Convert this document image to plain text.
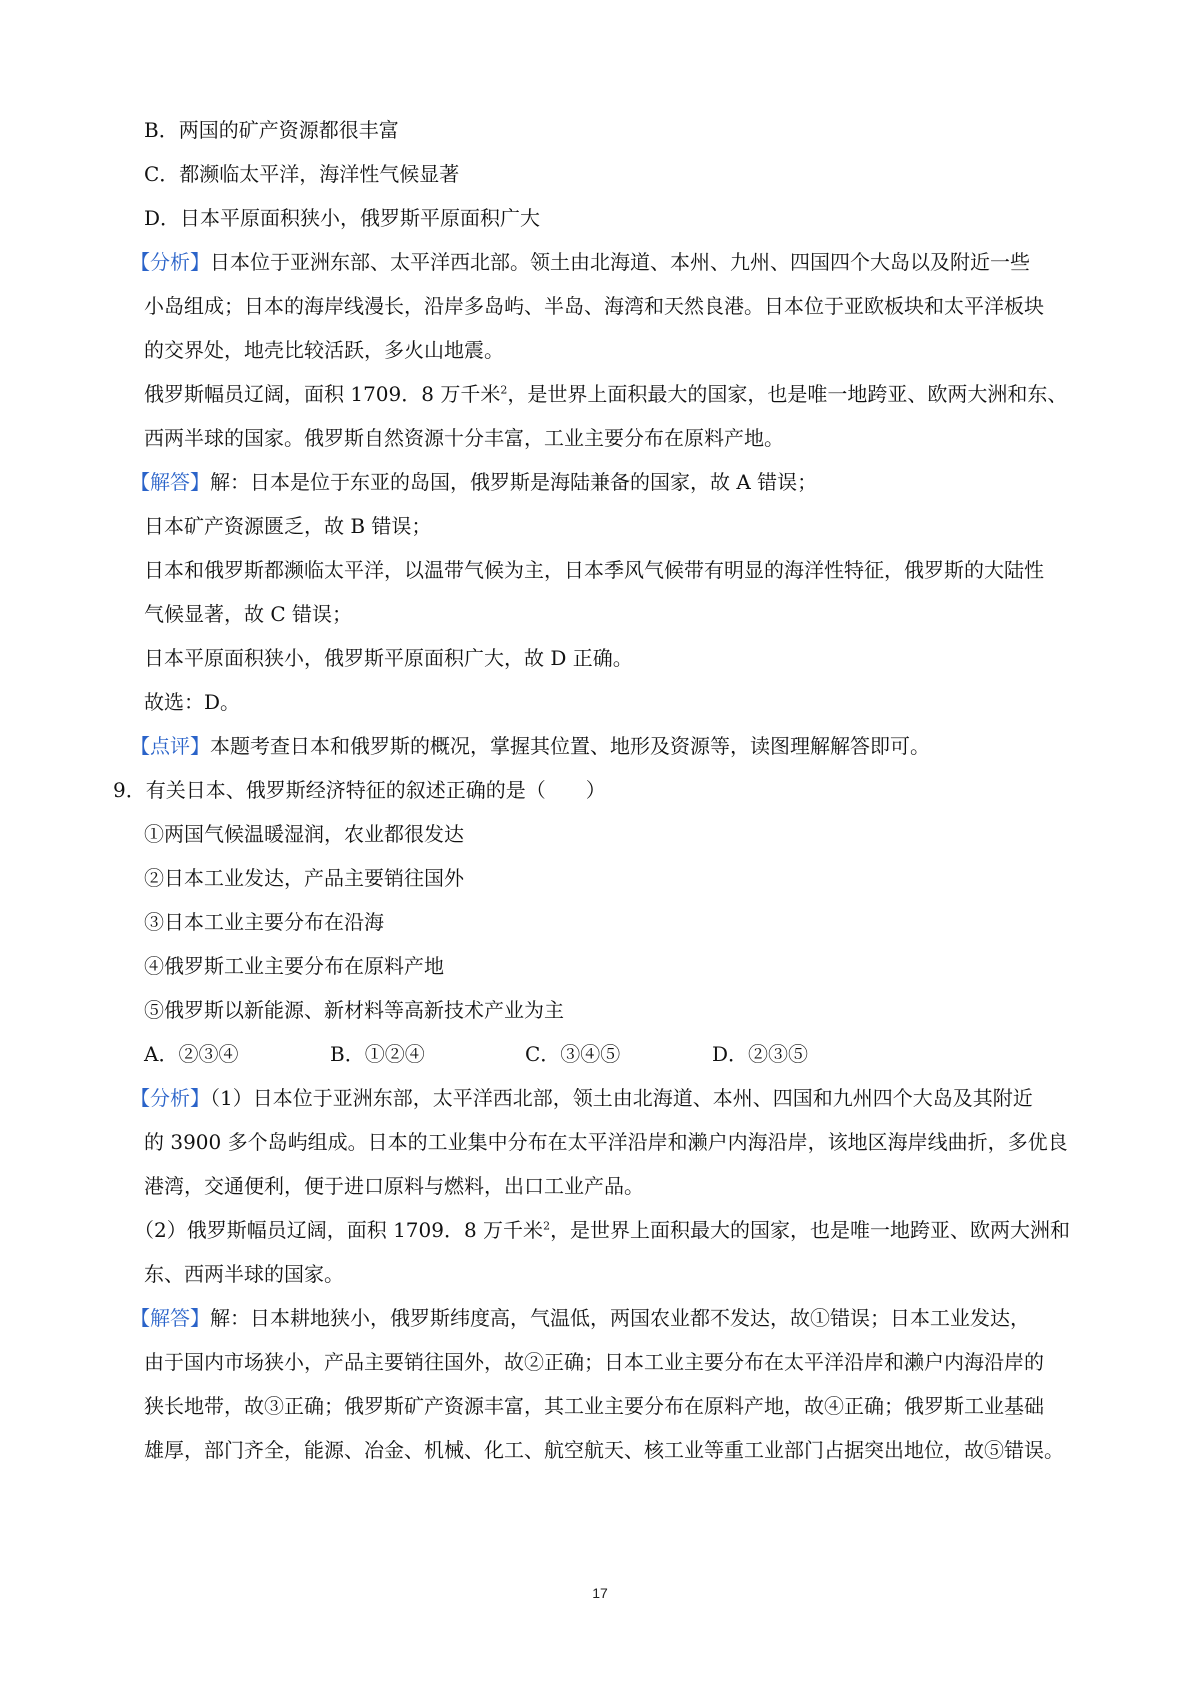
B．两国的矿产资源都很丰富
C．都濒临太平洋，海洋性气候显著
D．日本平原面积狭小，俄罗斯平原面积广大
【分析】日本位于亚洲东部、太平洋西北部。领土由北海道、本州、九州、四国四个大岛以及附近一些
小岛组成；日本的海岸线漫长，沿岸多岛屿、半岛、海湾和天然良港。日本位于亚欧板块和太平洋板块
的交界处，地壳比较活跃，多火山地震。
俄罗斯幅员辽阔，面积 1709．8 万千米$^2$，是世界上面积最大的国家，也是唯一地跨亚、欧两大洲和东、
西两半球的国家。俄罗斯自然资源十分丰富，工业主要分布在原料产地。
【解答】解：日本是位于东亚的岛国，俄罗斯是海陆兼备的国家，故 A 错误；
日本矿产资源匮乏，故 B 错误；
日本和俄罗斯都濒临太平洋，以温带气候为主，日本季风气候带有明显的海洋性特征，俄罗斯的大陆性
气候显著，故 C 错误；
日本平原面积狭小，俄罗斯平原面积广大，故 D 正确。
故选：D。
【点评】本题考查日本和俄罗斯的概况，掌握其位置、地形及资源等，读图理解解答即可。
9．有关日本、俄罗斯经济特征的叙述正确的是（　　）
①两国气候温暖湿润，农业都很发达
②日本工业发达，产品主要销往国外
③日本工业主要分布在沿海
④俄罗斯工业主要分布在原料产地
⑤俄罗斯以新能源、新材料等高新技术产业为主
A．②③④	B．①②④	C．③④⑤	D．②③⑤
【分析】（1）日本位于亚洲东部，太平洋西北部，领土由北海道、本州、四国和九州四个大岛及其附近
的 3900 多个岛屿组成。日本的工业集中分布在太平洋沿岸和濑户内海沿岸，该地区海岸线曲折，多优良
港湾，交通便利，便于进口原料与燃料，出口工业产品。
（2）俄罗斯幅员辽阔，面积 1709．8 万千米$^2$，是世界上面积最大的国家，也是唯一地跨亚、欧两大洲和
东、西两半球的国家。
【解答】解：日本耕地狭小，俄罗斯纬度高，气温低，两国农业都不发达，故①错误；日本工业发达，
由于国内市场狭小，产品主要销往国外，故②正确；日本工业主要分布在太平洋沿岸和濑户内海沿岸的
狭长地带，故③正确；俄罗斯矿产资源丰富，其工业主要分布在原料产地，故④正确；俄罗斯工业基础
雄厚，部门齐全，能源、冶金、机械、化工、航空航天、核工业等重工业部门占据突出地位，故⑤错误。
17
